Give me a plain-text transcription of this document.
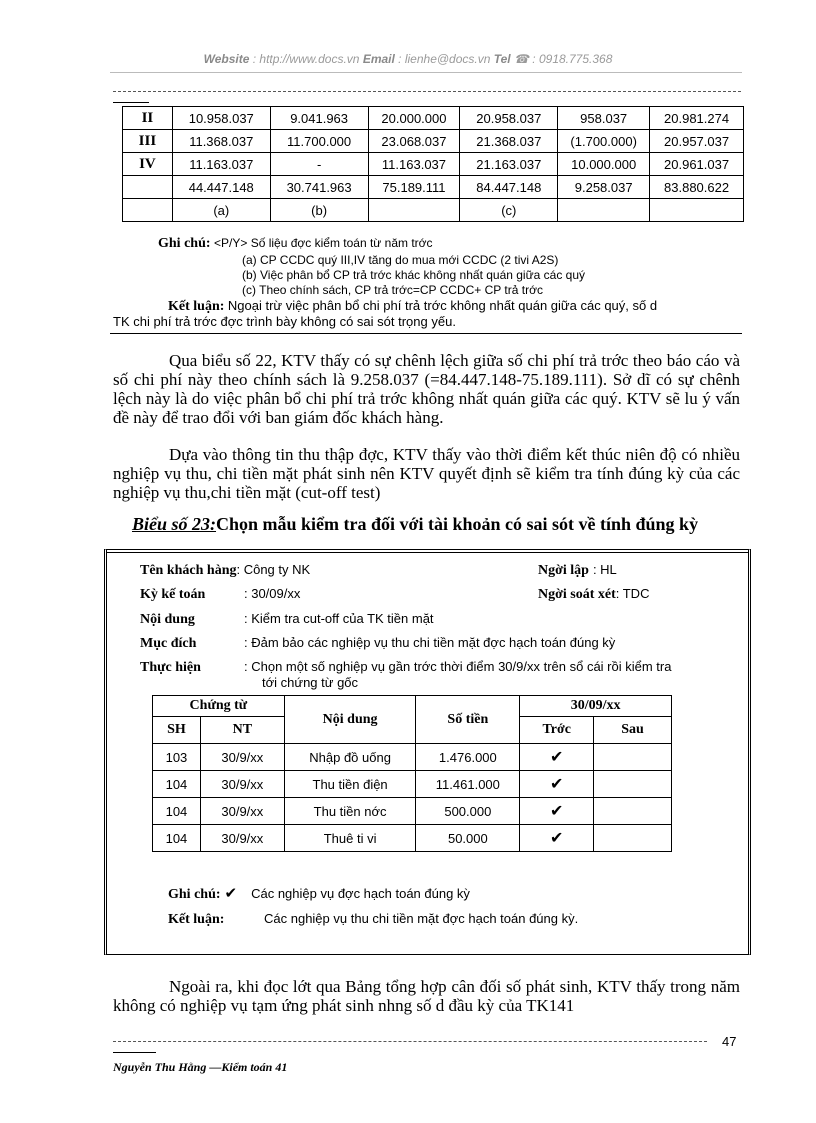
Website : http://www.docs.vn Email : lienhe@docs.vn Tel ☎ : 0918.775.368
II	10.958.037	9.041.963	20.000.000	20.958.037	958.037	20.981.274
III	11.368.037	11.700.000	23.068.037	21.368.037	(1.700.000)	20.957.037
IV	11.163.037	-	11.163.037	21.163.037	10.000.000	20.961.037
	44.447.148	30.741.963	75.189.111	84.447.148	9.258.037	83.880.622
	(a)	(b)		(c)		
Ghi chú: <P/Y> Số liệu đợc kiểm toán từ năm trớc
(a) CP CCDC quý III,IV tăng do mua mới CCDC (2 tivi A2S)
(b) Việc phân bổ CP trả trớc khác không nhất quán giữa các quý
(c) Theo chính sách, CP trả trớc=CP CCDC+ CP trả trớc
Kết luận: Ngoại trừ việc phân bổ chi phí trả trớc không nhất quán giữa các quý, số d
TK chi phí trả trớc đợc trình bày không có sai sót trọng yếu.
Qua biểu số 22, KTV thấy có sự chênh lệch giữa số chi phí trả trớc theo báo cáo và số chi phí này theo chính sách là 9.258.037 (=84.447.148-75.189.111). Sở dĩ có sự chênh lệch này là do việc phân bổ chi phí trả trớc không nhất quán giữa các quý. KTV sẽ lu ý vấn đề này để trao đổi với ban giám đốc khách hàng.
Dựa vào thông tin thu thập đợc, KTV thấy vào thời điểm kết thúc niên độ có nhiều nghiệp vụ thu, chi tiền mặt phát sinh nên KTV quyết định sẽ kiểm tra tính đúng kỳ của các nghiệp vụ thu,chi tiền mặt (cut-off test)
Biểu số 23:Chọn mẫu kiểm tra đối với tài khoản có sai sót về tính đúng kỳ
Tên khách hàng: Công ty NK	Ngời lập : HL
Kỳ kế toán	: 30/09/xx	Ngời soát xét: TDC
Nội dung	: Kiểm tra cut-off của TK tiền mặt
Mục đích	: Đảm bảo các nghiệp vụ thu chi tiền mặt đợc hạch toán đúng kỳ
Thực hiện	: Chọn một số nghiệp vụ gần trớc thời điểm 30/9/xx trên sổ cái rồi kiểm tra
tới chứng từ gốc
Chứng từ		Nội dung	Số tiền	30/09/xx	
SH	NT			Trớc	Sau
103	30/9/xx	Nhập đồ uống	1.476.000	✔	
104	30/9/xx	Thu tiền điện	11.461.000	✔	
104	30/9/xx	Thu tiền nớc	500.000	✔	
104	30/9/xx	Thuê ti vi	50.000	✔	
Ghi chú: ✔ Các nghiệp vụ đợc hạch toán đúng kỳ
Kết luận:	Các nghiệp vụ thu chi tiền mặt đợc hạch toán đúng kỳ.
Ngoài ra, khi đọc lớt qua Bảng tổng hợp cân đối số phát sinh, KTV thấy trong năm không có nghiệp vụ tạm ứng phát sinh nhng số d đầu kỳ của TK141
47
Nguyễn Thu Hằng —Kiểm toán 41
